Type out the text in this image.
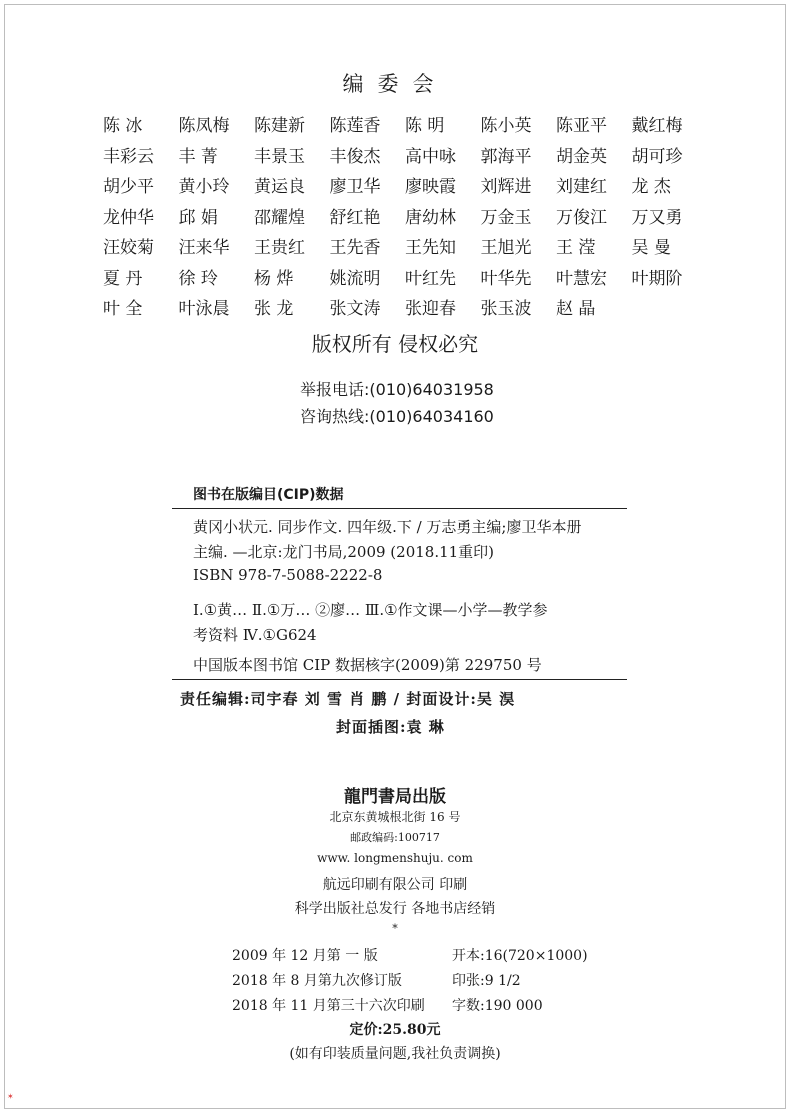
✶
编委会
陈 冰	陈凤梅	陈建新	陈莲香	陈 明	陈小英	陈亚平	戴红梅
丰彩云	丰 菁	丰景玉	丰俊杰	高中咏	郭海平	胡金英	胡可珍
胡少平	黄小玲	黄运良	廖卫华	廖映霞	刘辉进	刘建红	龙 杰
龙仲华	邱 娟	邵耀煌	舒红艳	唐幼林	万金玉	万俊江	万又勇
汪姣菊	汪来华	王贵红	王先香	王先知	王旭光	王 滢	吴 曼
夏 丹	徐 玲	杨 烨	姚流明	叶红先	叶华先	叶慧宏	叶期阶
叶 全	叶泳晨	张 龙	张文涛	张迎春	张玉波	赵 晶
版权所有 侵权必究
举报电话:(010)64031958
咨询热线:(010)64034160
图书在版编目(CIP)数据
黄冈小状元. 同步作文. 四年级.下 / 万志勇主编;廖卫华本册
主编. —北京:龙门书局,2009 (2018.11重印)
ISBN 978-7-5088-2222-8
Ⅰ.①黄… Ⅱ.①万… ②廖… Ⅲ.①作文课—小学—教学参
考资料 Ⅳ.①G624
中国版本图书馆 CIP 数据核字(2009)第 229750 号
责任编辑:司宇春 刘 雪 肖 鹏 / 封面设计:吴 淏
封面插图:袁 琳
龍門書局出版
北京东黄城根北街 16 号
邮政编码:100717
www. longmenshuju. com
航远印刷有限公司 印刷
科学出版社总发行 各地书店经销
*
2009 年 12 月第 一 版	开本:16(720×1000)
2018 年 8 月第九次修订版	印张:9 1/2
2018 年 11 月第三十六次印刷 字数:190 000
定价:25.80元
(如有印装质量问题,我社负责调换)
